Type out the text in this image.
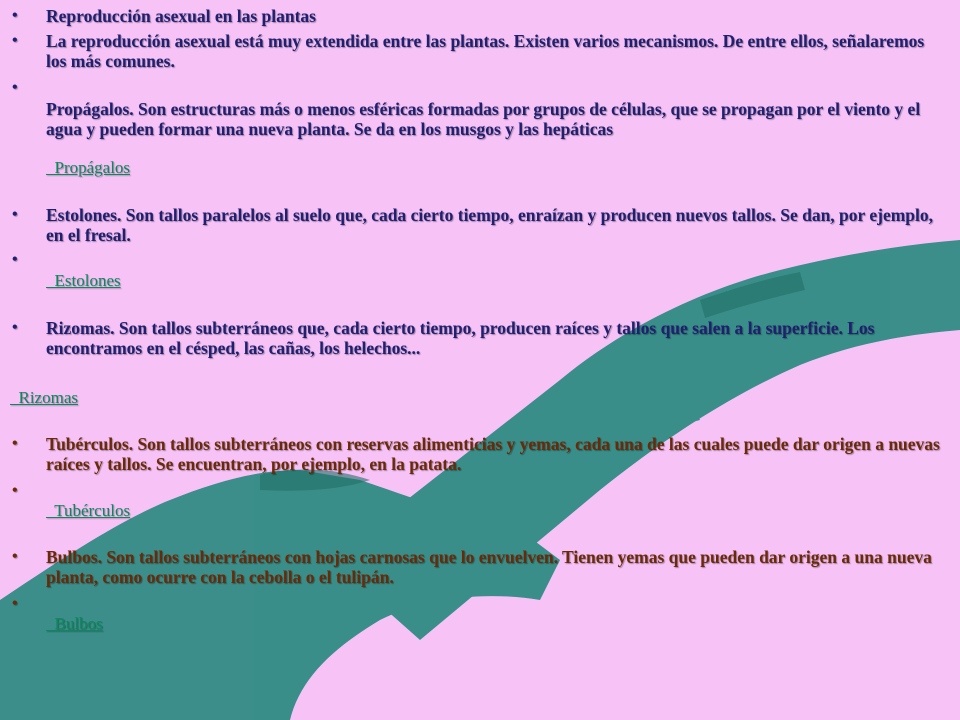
• Reproducción asexual en las plantas
• La reproducción asexual está muy extendida entre las plantas. Existen varios mecanismos. De entre ellos, señalaremos los más comunes.
•
Propágalos. Son estructuras más o menos esféricas formadas por grupos de células, que se propagan por el viento y el agua y pueden formar una nueva planta. Se da en los musgos y las hepáticas
Propágalos
• Estolones. Son tallos paralelos al suelo que, cada cierto tiempo, enraízan y producen nuevos tallos. Se dan, por ejemplo, en el fresal.
•
Estolones
• Rizomas. Son tallos subterráneos que, cada cierto tiempo, producen raíces y tallos que salen a la superficie. Los encontramos en el césped, las cañas, los helechos...
Rizomas
• Tubérculos. Son tallos subterráneos con reservas alimenticias y yemas, cada una de las cuales puede dar origen a nuevas raíces y tallos. Se encuentran, por ejemplo, en la patata.
•
Tubérculos
• Bulbos. Son tallos subterráneos con hojas carnosas que lo envuelven. Tienen yemas que pueden dar origen a una nueva planta, como ocurre con la cebolla o el tulipán.
•
Bulbos
